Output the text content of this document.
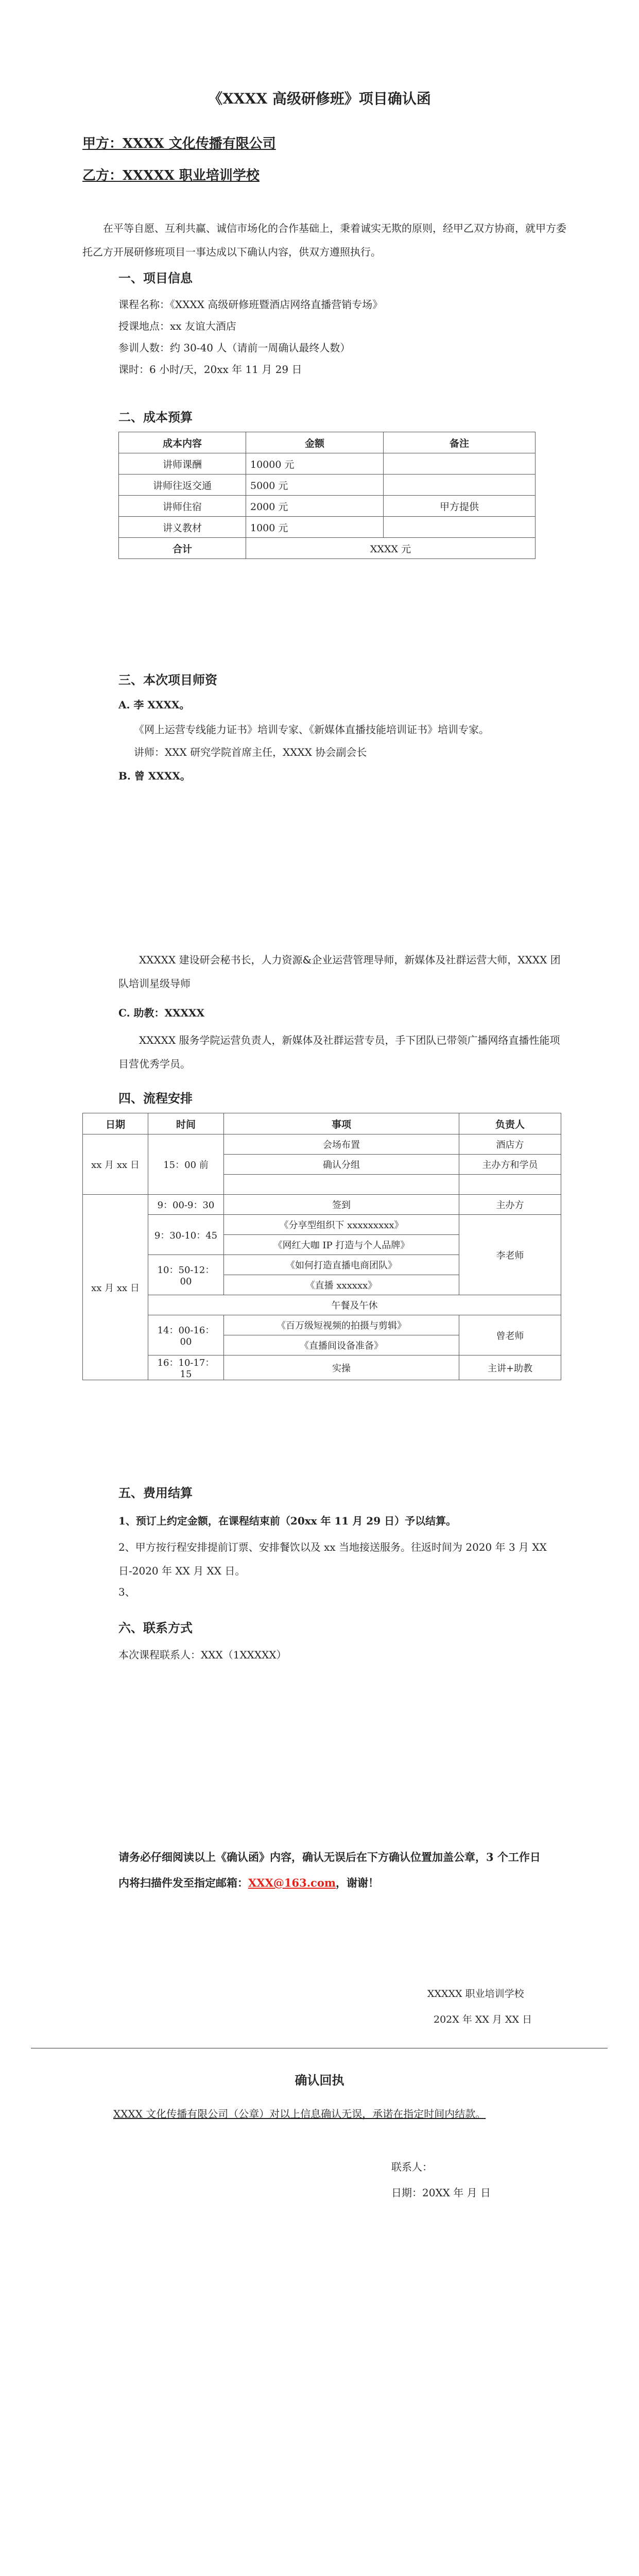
《XXXX 高级研修班》项目确认函
甲方：XXXX 文化传播有限公司
乙方：XXXXX 职业培训学校
在平等自愿、互利共赢、诚信市场化的合作基础上，秉着诚实无欺的原则，经甲乙双方协商，就甲方委托乙方开展研修班项目一事达成以下确认内容，供双方遵照执行。
一、项目信息
课程名称：《XXXX 高级研修班暨酒店网络直播营销专场》
授课地点：xx 友谊大酒店
参训人数：约 30-40 人（请前一周确认最终人数）
课时：6 小时/天，20xx 年 11 月 29 日
二、成本预算
成本内容	金额	备注
讲师课酬	10000 元	
讲师往返交通	5000 元	
讲师住宿	2000 元	甲方提供
讲义教材	1000 元	
合计	XXXX 元	
三、本次项目师资
A. 李 XXXX。
《网上运营专线能力证书》培训专家、《新媒体直播技能培训证书》培训专家。
讲师：XXX 研究学院首席主任，XXXX 协会副会长
B. 曾 XXXX。
XXXXX 建设研会秘书长，人力资源&企业运营管理导师，新媒体及社群运营大师，XXXX 团队培训星级导师
C. 助教：XXXXX
XXXXX 服务学院运营负责人，新媒体及社群运营专员，手下团队已带领广播网络直播性能项目营优秀学员。
四、流程安排
日期	时间	事项	负责人
xx 月 xx 日	15：00 前	会场布置	酒店方
		确认分组	主办方和学员

xx 月 xx 日	9：00-9：30	签到	主办方
	9：30-10：45	《分享型组织下 xxxxxxxxx》	李老师
		《网红大咖 IP 打造与个人品牌》	
	10：50-12：00	《如何打造直播电商团队》	
		《直播 xxxxxx》	
	午餐及午休		
	14：00-16：00	《百万级短视频的拍摄与剪辑》	曾老师
		《直播间设备准备》	
	16：10-17：15	实操	主讲+助教
五、费用结算
1、预订上约定金额，在课程结束前（20xx 年 11 月 29 日）予以结算。
2、甲方按行程安排提前订票、安排餐饮以及 xx 当地接送服务。往返时间为 2020 年 3 月 XX 日-2020 年 XX 月 XX 日。
3、
六、联系方式
本次课程联系人：XXX（1XXXXX）
请务必仔细阅读以上《确认函》内容，确认无误后在下方确认位置加盖公章，3 个工作日内将扫描件发至指定邮箱：XXX@163.com，谢谢！
XXXXX 职业培训学校
202X 年 XX 月 XX 日
确认回执
XXXX 文化传播有限公司（公章）对以上信息确认无误，承诺在指定时间内结款。
联系人：
日期：20XX 年 月 日
